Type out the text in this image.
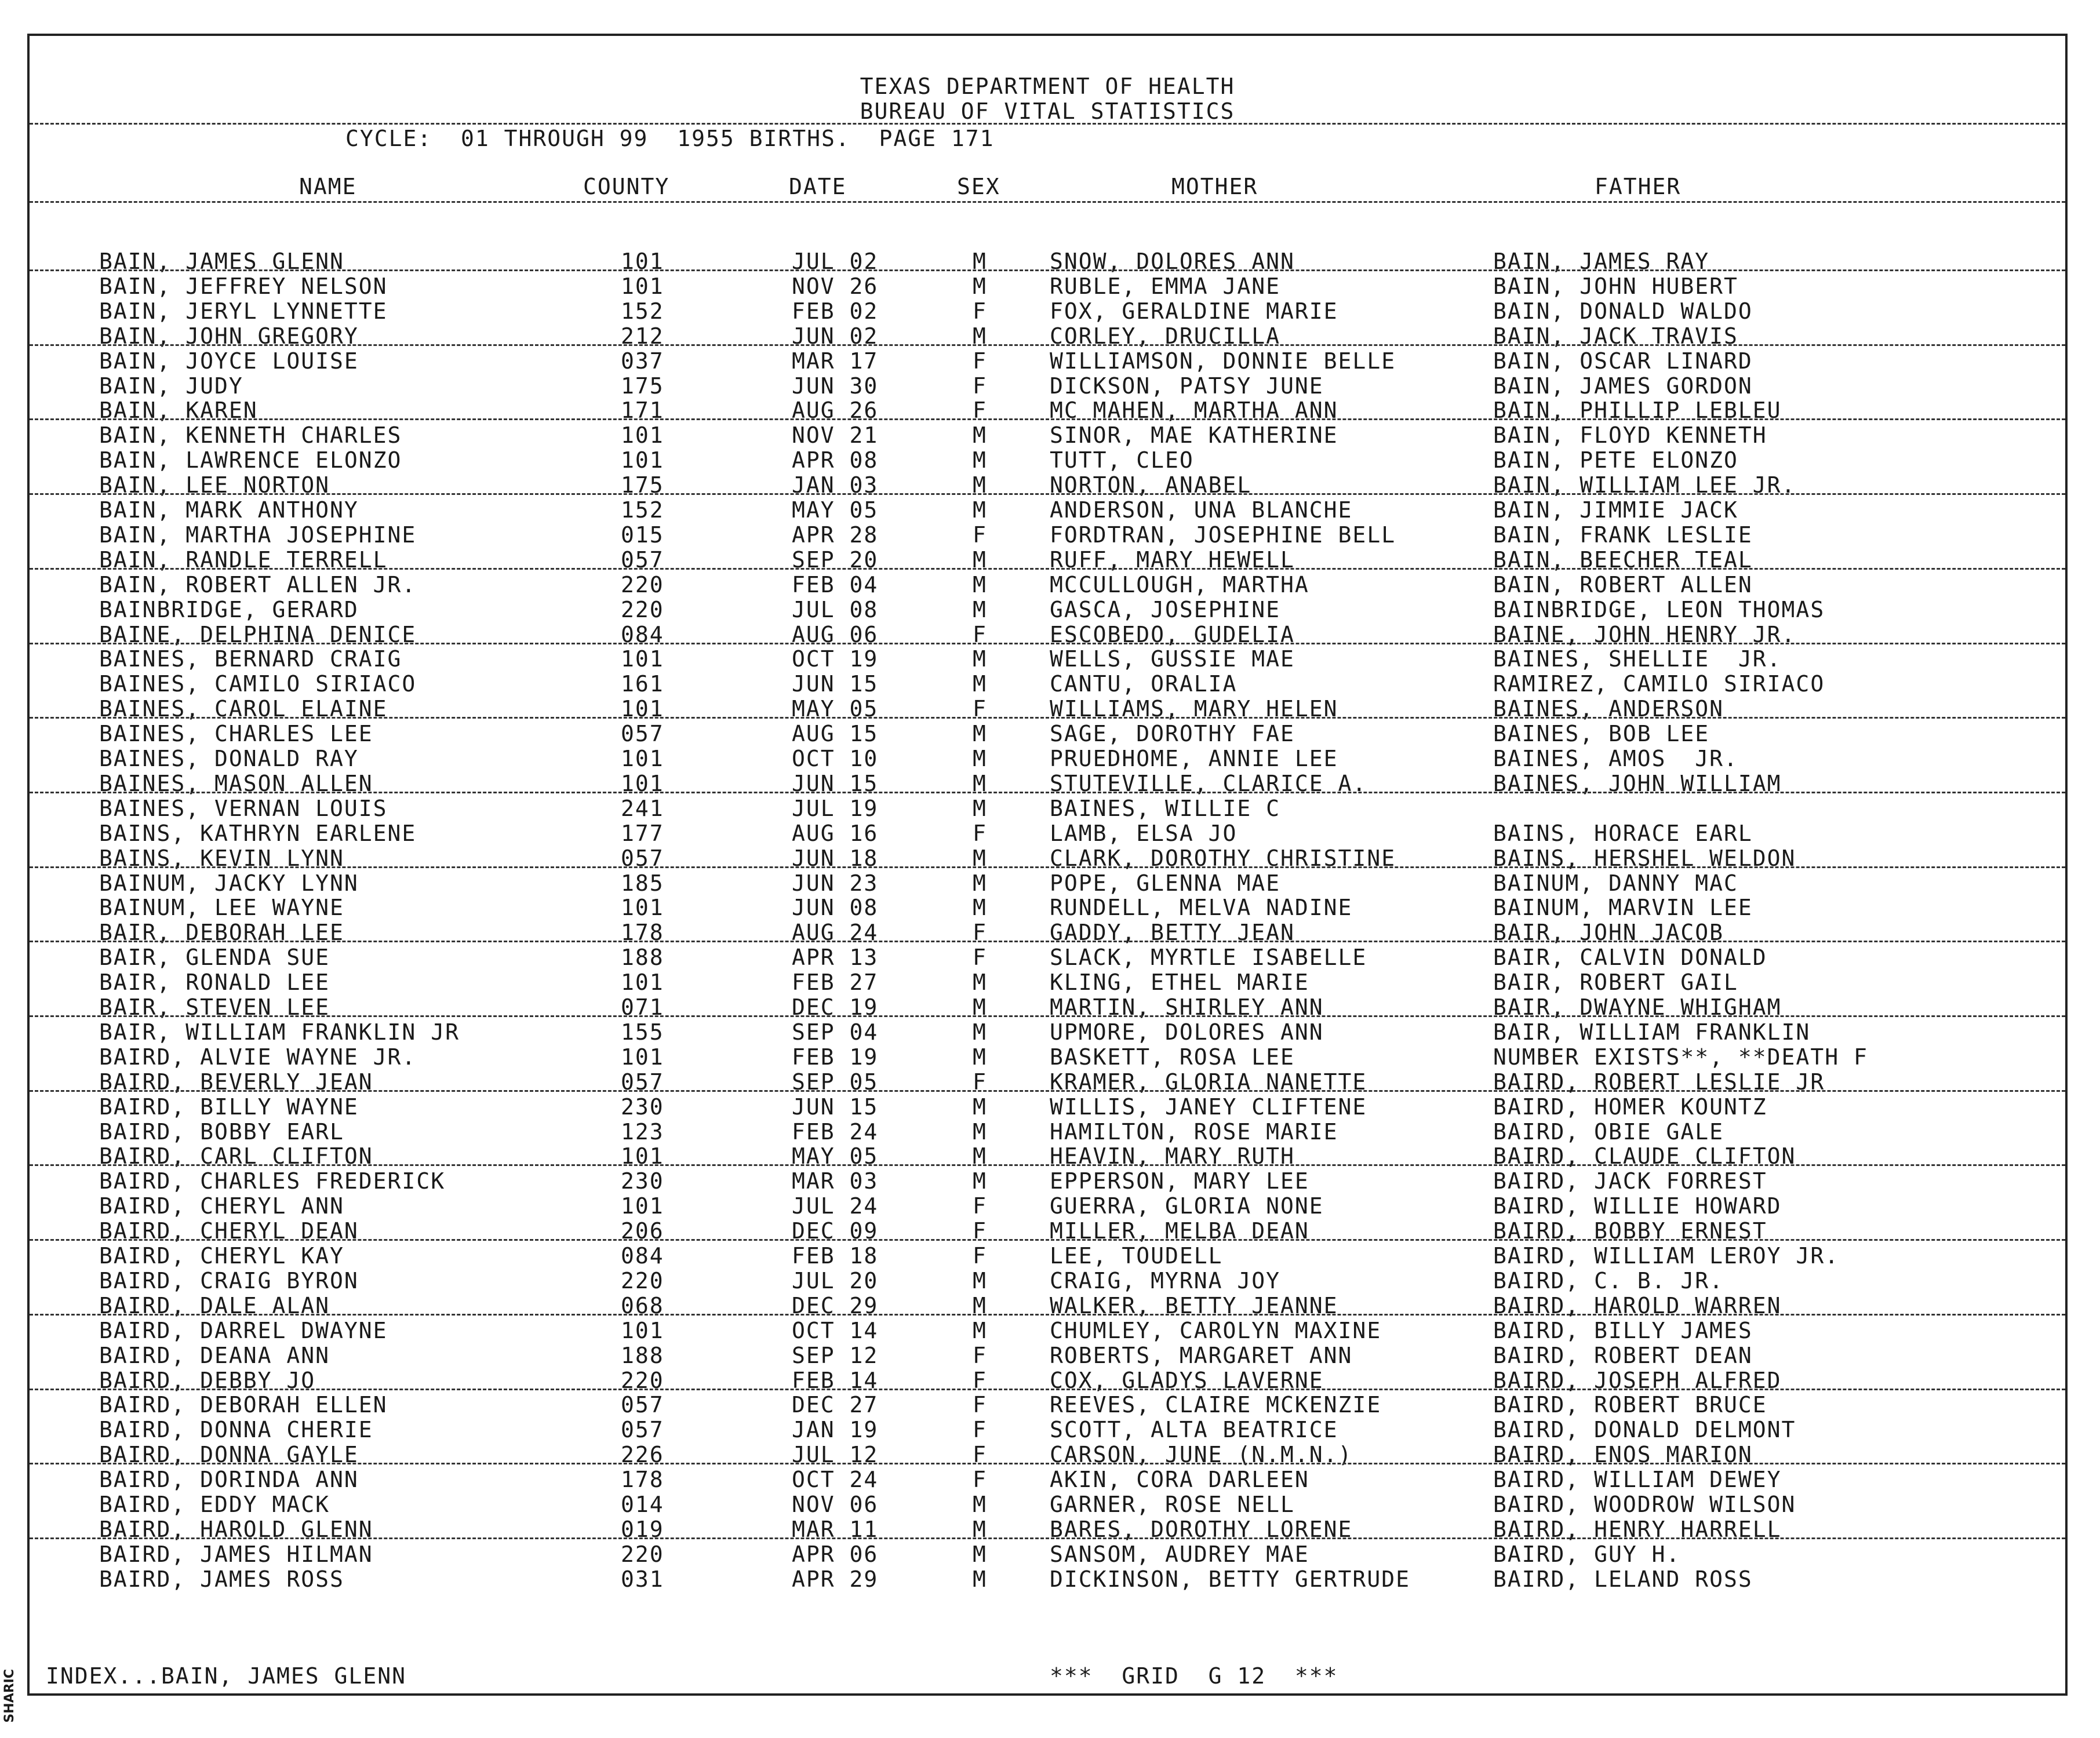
TEXAS DEPARTMENT OF HEALTH
BUREAU OF VITAL STATISTICS
CYCLE:  01 THROUGH 99  1955 BIRTHS.  PAGE 171
NAME	COUNTY	DATE	SEX	MOTHER	FATHER
BAIN, JAMES GLENN	101	JUL 02	M	SNOW, DOLORES ANN	BAIN, JAMES RAY
BAIN, JEFFREY NELSON	101	NOV 26	M	RUBLE, EMMA JANE	BAIN, JOHN HUBERT
BAIN, JERYL LYNNETTE	152	FEB 02	F	FOX, GERALDINE MARIE	BAIN, DONALD WALDO
BAIN, JOHN GREGORY	212	JUN 02	M	CORLEY, DRUCILLA	BAIN, JACK TRAVIS
BAIN, JOYCE LOUISE	037	MAR 17	F	WILLIAMSON, DONNIE BELLE	BAIN, OSCAR LINARD
BAIN, JUDY	175	JUN 30	F	DICKSON, PATSY JUNE	BAIN, JAMES GORDON
BAIN, KAREN	171	AUG 26	F	MC MAHEN, MARTHA ANN	BAIN, PHILLIP LEBLEU
BAIN, KENNETH CHARLES	101	NOV 21	M	SINOR, MAE KATHERINE	BAIN, FLOYD KENNETH
BAIN, LAWRENCE ELONZO	101	APR 08	M	TUTT, CLEO	BAIN, PETE ELONZO
BAIN, LEE NORTON	175	JAN 03	M	NORTON, ANABEL	BAIN, WILLIAM LEE JR.
BAIN, MARK ANTHONY	152	MAY 05	M	ANDERSON, UNA BLANCHE	BAIN, JIMMIE JACK
BAIN, MARTHA JOSEPHINE	015	APR 28	F	FORDTRAN, JOSEPHINE BELL	BAIN, FRANK LESLIE
BAIN, RANDLE TERRELL	057	SEP 20	M	RUFF, MARY HEWELL	BAIN, BEECHER TEAL
BAIN, ROBERT ALLEN JR.	220	FEB 04	M	MCCULLOUGH, MARTHA	BAIN, ROBERT ALLEN
BAINBRIDGE, GERARD	220	JUL 08	M	GASCA, JOSEPHINE	BAINBRIDGE, LEON THOMAS
BAINE, DELPHINA DENICE	084	AUG 06	F	ESCOBEDO, GUDELIA	BAINE, JOHN HENRY JR.
BAINES, BERNARD CRAIG	101	OCT 19	M	WELLS, GUSSIE MAE	BAINES, SHELLIE  JR.
BAINES, CAMILO SIRIACO	161	JUN 15	M	CANTU, ORALIA	RAMIREZ, CAMILO SIRIACO
BAINES, CAROL ELAINE	101	MAY 05	F	WILLIAMS, MARY HELEN	BAINES, ANDERSON
BAINES, CHARLES LEE	057	AUG 15	M	SAGE, DOROTHY FAE	BAINES, BOB LEE
BAINES, DONALD RAY	101	OCT 10	M	PRUEDHOME, ANNIE LEE	BAINES, AMOS  JR.
BAINES, MASON ALLEN	101	JUN 15	M	STUTEVILLE, CLARICE A.	BAINES, JOHN WILLIAM
BAINES, VERNAN LOUIS	241	JUL 19	M	BAINES, WILLIE C
BAINS, KATHRYN EARLENE	177	AUG 16	F	LAMB, ELSA JO	BAINS, HORACE EARL
BAINS, KEVIN LYNN	057	JUN 18	M	CLARK, DOROTHY CHRISTINE	BAINS, HERSHEL WELDON
BAINUM, JACKY LYNN	185	JUN 23	M	POPE, GLENNA MAE	BAINUM, DANNY MAC
BAINUM, LEE WAYNE	101	JUN 08	M	RUNDELL, MELVA NADINE	BAINUM, MARVIN LEE
BAIR, DEBORAH LEE	178	AUG 24	F	GADDY, BETTY JEAN	BAIR, JOHN JACOB
BAIR, GLENDA SUE	188	APR 13	F	SLACK, MYRTLE ISABELLE	BAIR, CALVIN DONALD
BAIR, RONALD LEE	101	FEB 27	M	KLING, ETHEL MARIE	BAIR, ROBERT GAIL
BAIR, STEVEN LEE	071	DEC 19	M	MARTIN, SHIRLEY ANN	BAIR, DWAYNE WHIGHAM
BAIR, WILLIAM FRANKLIN JR	155	SEP 04	M	UPMORE, DOLORES ANN	BAIR, WILLIAM FRANKLIN
BAIRD, ALVIE WAYNE JR.	101	FEB 19	M	BASKETT, ROSA LEE	NUMBER EXISTS**, **DEATH F
BAIRD, BEVERLY JEAN	057	SEP 05	F	KRAMER, GLORIA NANETTE	BAIRD, ROBERT LESLIE JR
BAIRD, BILLY WAYNE	230	JUN 15	M	WILLIS, JANEY CLIFTENE	BAIRD, HOMER KOUNTZ
BAIRD, BOBBY EARL	123	FEB 24	M	HAMILTON, ROSE MARIE	BAIRD, OBIE GALE
BAIRD, CARL CLIFTON	101	MAY 05	M	HEAVIN, MARY RUTH	BAIRD, CLAUDE CLIFTON
BAIRD, CHARLES FREDERICK	230	MAR 03	M	EPPERSON, MARY LEE	BAIRD, JACK FORREST
BAIRD, CHERYL ANN	101	JUL 24	F	GUERRA, GLORIA NONE	BAIRD, WILLIE HOWARD
BAIRD, CHERYL DEAN	206	DEC 09	F	MILLER, MELBA DEAN	BAIRD, BOBBY ERNEST
BAIRD, CHERYL KAY	084	FEB 18	F	LEE, TOUDELL	BAIRD, WILLIAM LEROY JR.
BAIRD, CRAIG BYRON	220	JUL 20	M	CRAIG, MYRNA JOY	BAIRD, C. B. JR.
BAIRD, DALE ALAN	068	DEC 29	M	WALKER, BETTY JEANNE	BAIRD, HAROLD WARREN
BAIRD, DARREL DWAYNE	101	OCT 14	M	CHUMLEY, CAROLYN MAXINE	BAIRD, BILLY JAMES
BAIRD, DEANA ANN	188	SEP 12	F	ROBERTS, MARGARET ANN	BAIRD, ROBERT DEAN
BAIRD, DEBBY JO	220	FEB 14	F	COX, GLADYS LAVERNE	BAIRD, JOSEPH ALFRED
BAIRD, DEBORAH ELLEN	057	DEC 27	F	REEVES, CLAIRE MCKENZIE	BAIRD, ROBERT BRUCE
BAIRD, DONNA CHERIE	057	JAN 19	F	SCOTT, ALTA BEATRICE	BAIRD, DONALD DELMONT
BAIRD, DONNA GAYLE	226	JUL 12	F	CARSON, JUNE (N.M.N.)	BAIRD, ENOS MARION
BAIRD, DORINDA ANN	178	OCT 24	F	AKIN, CORA DARLEEN	BAIRD, WILLIAM DEWEY
BAIRD, EDDY MACK	014	NOV 06	M	GARNER, ROSE NELL	BAIRD, WOODROW WILSON
BAIRD, HAROLD GLENN	019	MAR 11	M	BARES, DOROTHY LORENE	BAIRD, HENRY HARRELL
BAIRD, JAMES HILMAN	220	APR 06	M	SANSOM, AUDREY MAE	BAIRD, GUY H.
BAIRD, JAMES ROSS	031	APR 29	M	DICKINSON, BETTY GERTRUDE	BAIRD, LELAND ROSS
INDEX...BAIN, JAMES GLENN	***  GRID  G 12  ***
SHARIC
